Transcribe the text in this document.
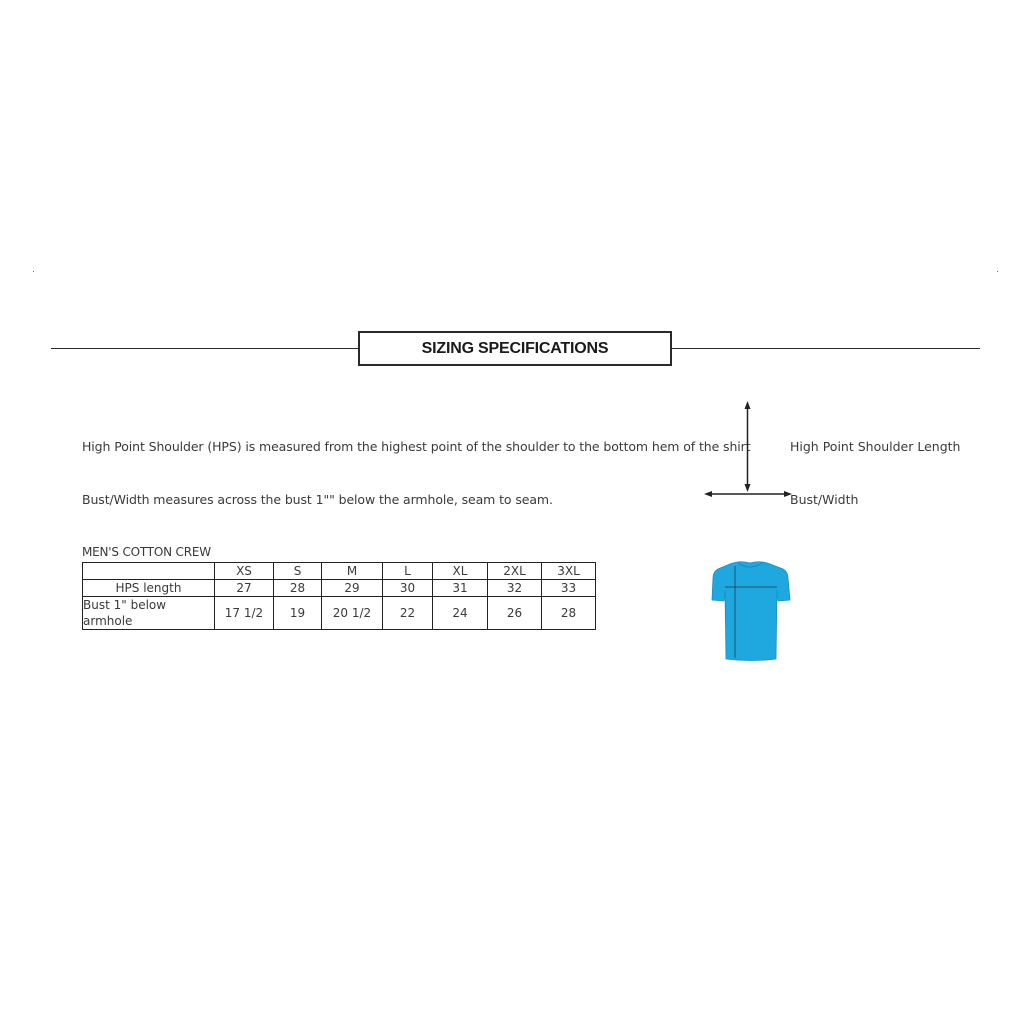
SIZING SPECIFICATIONS
High Point Shoulder (HPS) is measured from the highest point of the shoulder to the bottom hem of the shirt
Bust/Width measures across the bust 1"" below the armhole, seam to seam.
High Point Shoulder Length
Bust/Width
MEN'S COTTON CREW
	XS	S	M	L	XL	2XL	3XL
HPS length	27	28	29	30	31	32	33
Bust 1" below armhole	17 1/2	19	20 1/2	22	24	26	28
